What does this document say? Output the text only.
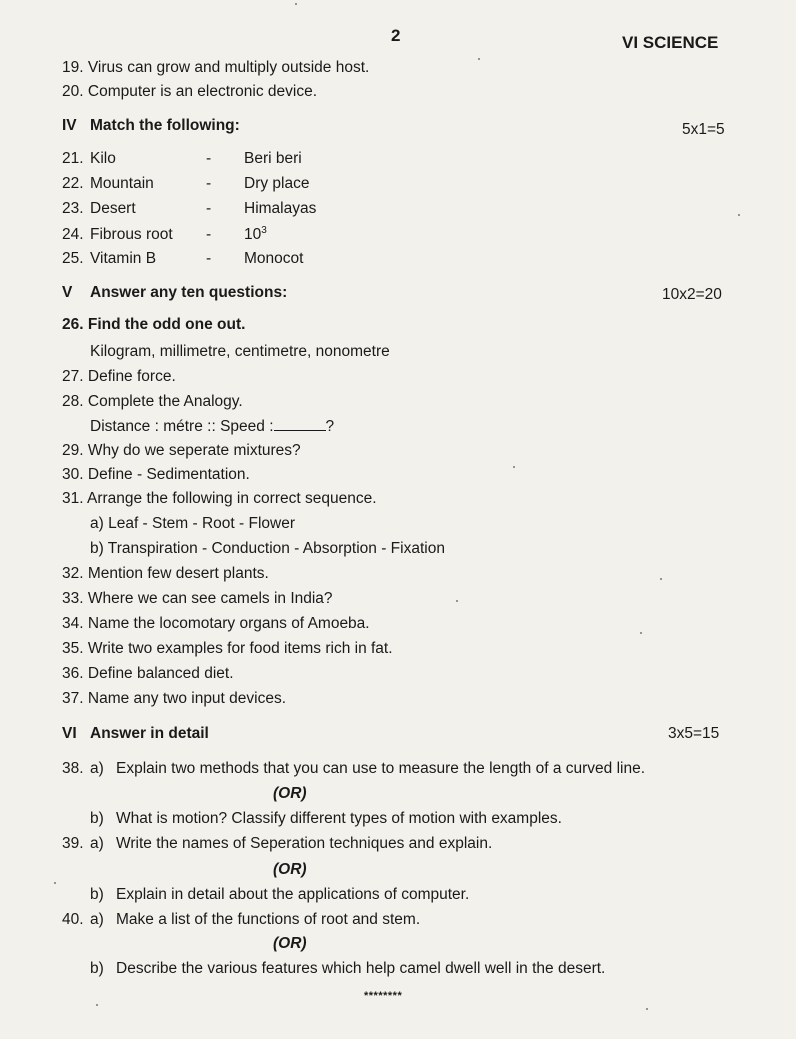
2	VI SCIENCE
19. Virus can grow and multiply outside host.
20. Computer is an electronic device.
IV Match the following:	5x1=5
21. Kilo	- Beri beri
22. Mountain	- Dry place
23. Desert	- Himalayas
24. Fibrous root - $10^3$
25. Vitamin B	- Monocot
V Answer any ten questions:	10x2=20
26. Find the odd one out.
Kilogram, millimetre, centimetre, nonometre
27. Define force.
28. Complete the Analogy.
Distance : métre :: Speed :	?
29. Why do we seperate mixtures?
30. Define - Sedimentation.
31. Arrange the following in correct sequence.
a) Leaf - Stem - Root - Flower
b) Transpiration - Conduction - Absorption - Fixation
32. Mention few desert plants.
33. Where we can see camels in India?
34. Name the locomotary organs of Amoeba.
35. Write two examples for food items rich in fat.
36. Define balanced diet.
37. Name any two input devices.
VI Answer in detail	3x5=15
38. a) Explain two methods that you can use to measure the length of a curved line.
(OR)
b) What is motion? Classify different types of motion with examples.
39. a) Write the names of Seperation techniques and explain.
(OR)
b) Explain in detail about the applications of computer.
40. a) Make a list of the functions of root and stem.
(OR)
b) Describe the various features which help camel dwell well in the desert.
********
